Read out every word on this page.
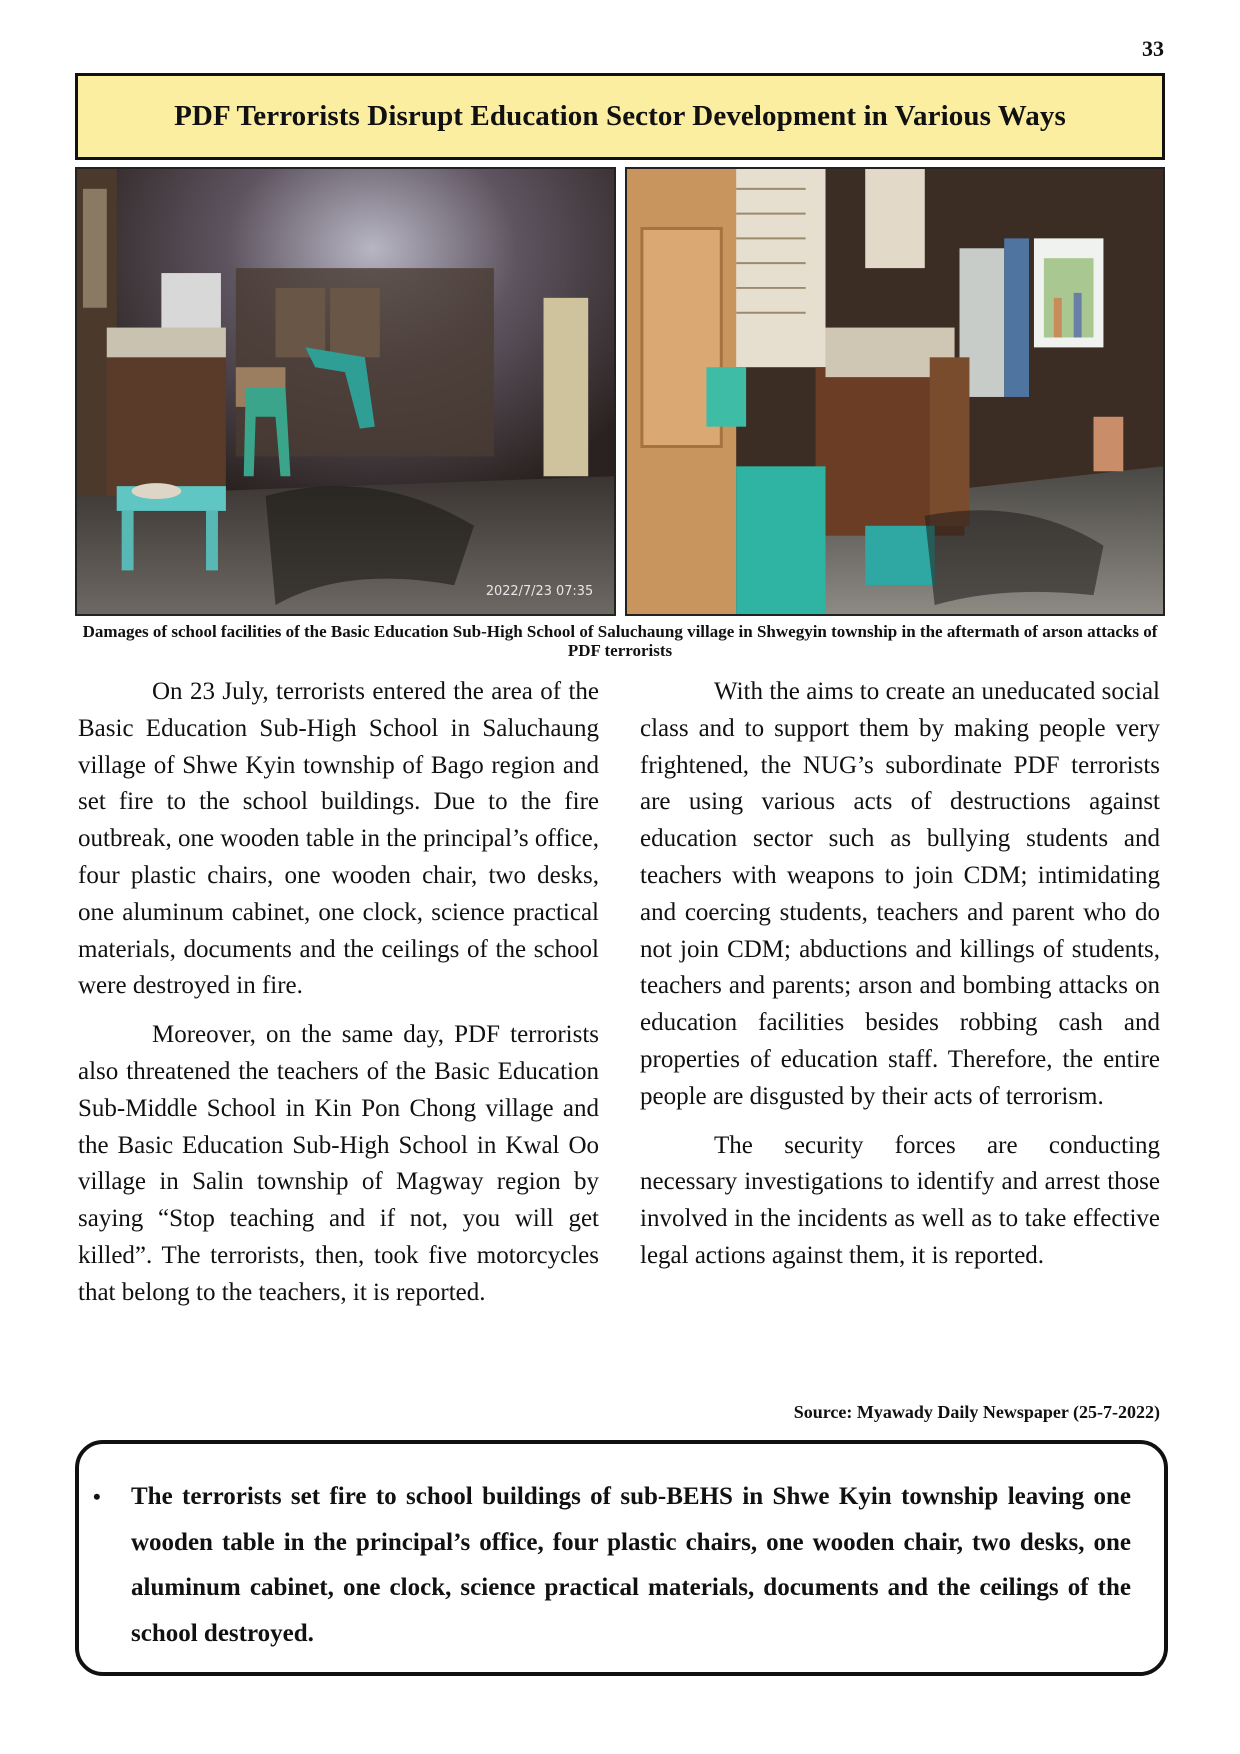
33
PDF Terrorists Disrupt Education Sector Development in Various Ways
2022/7/23 07:35
Damages of school facilities of the Basic Education Sub-High School of Saluchaung village in Shwegyin township in the aftermath of arson attacks of PDF terrorists

On 23 July, terrorists entered the area of the Basic Education Sub-High School in Saluchaung village of Shwe Kyin township of Bago region and set fire to the school buildings. Due to the fire outbreak, one wooden table in the principal’s office, four plastic chairs, one wooden chair, two desks, one aluminum cabinet, one clock, science practical materials, documents and the ceilings of the school were destroyed in fire.

Moreover, on the same day, PDF terrorists also threatened the teachers of the Basic Education Sub-Middle School in Kin Pon Chong village and the Basic Education Sub-High School in Kwal Oo village in Salin township of Magway region by saying “Stop teaching and if not, you will get killed”. The terrorists, then, took five motorcycles that belong to the teachers, it is reported.

With the aims to create an uneducated social class and to support them by making people very frightened, the NUG’s subordinate PDF terrorists are using various acts of destructions against education sector such as bullying students and teachers with weapons to join CDM; intimidating and coercing students, teachers and parent who do not join CDM; abductions and killings of students, teachers and parents; arson and bombing attacks on education facilities besides robbing cash and properties of education staff. Therefore, the entire people are disgusted by their acts of terrorism.

The security forces are conducting necessary investigations to identify and arrest those involved in the incidents as well as to take effective legal actions against them, it is reported.

Source: Myawady Daily Newspaper (25-7-2022)
• The terrorists set fire to school buildings of sub-BEHS in Shwe Kyin township leaving one wooden table in the principal’s office, four plastic chairs, one wooden chair, two desks, one aluminum cabinet, one clock, science practical materials, documents and the ceilings of the school destroyed.
